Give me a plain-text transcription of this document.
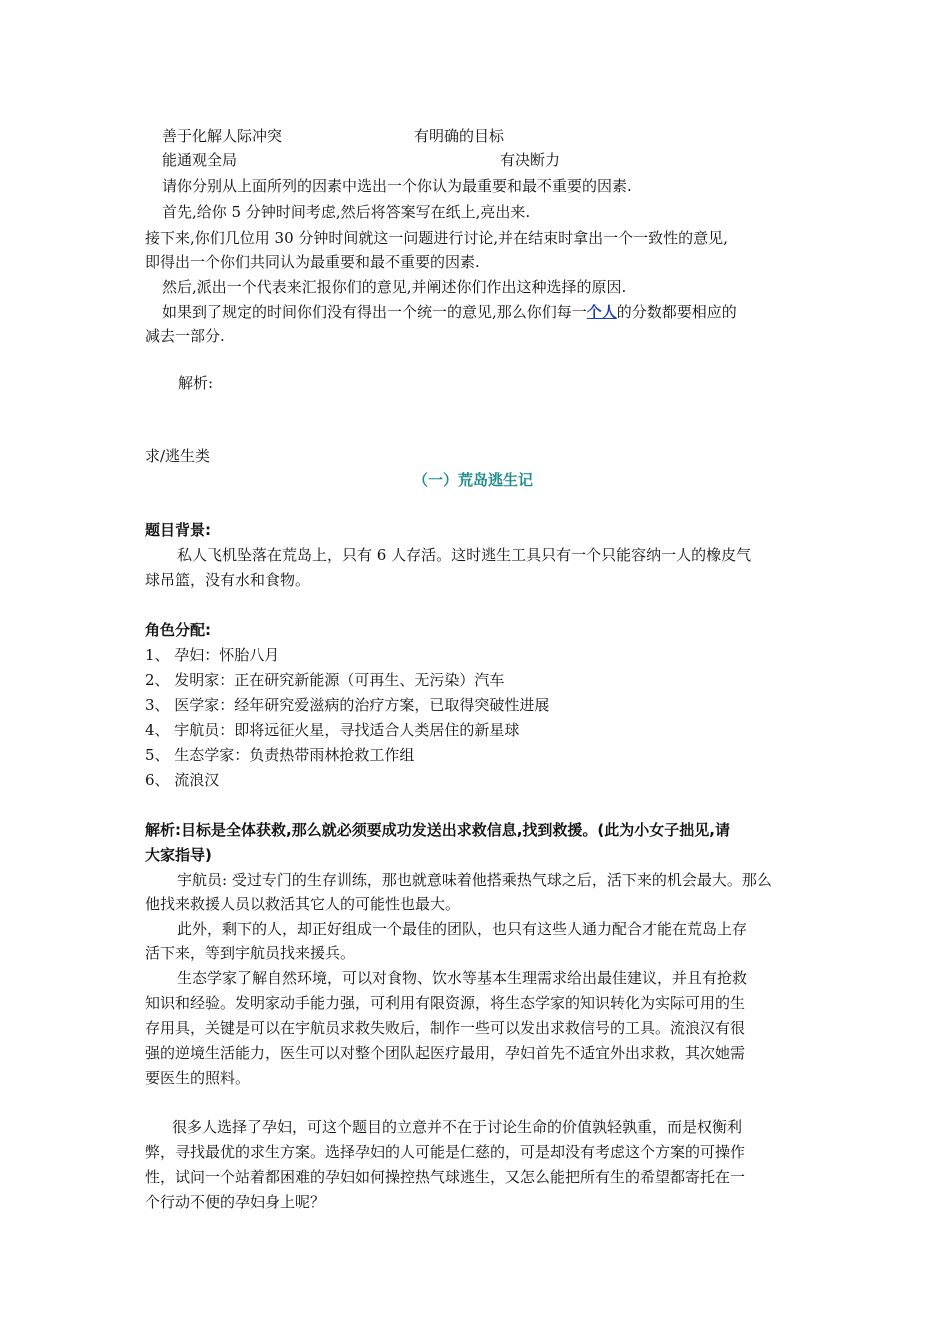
善于化解人际冲突	有明确的目标
能通观全局	有决断力
请你分别从上面所列的因素中选出一个你认为最重要和最不重要的因素.
首先,给你 5 分钟时间考虑,然后将答案写在纸上,亮出来.
接下来,你们几位用 30 分钟时间就这一问题进行讨论,并在结束时拿出一个一致性的意见,
即得出一个你们共同认为最重要和最不重要的因素.
然后,派出一个代表来汇报你们的意见,并阐述你们作出这种选择的原因.
如果到了规定的时间你们没有得出一个统一的意见,那么你们每一个人的分数都要相应的
减去一部分.
解析:
求/逃生类
（一）荒岛逃生记
题目背景:
私人飞机坠落在荒岛上，只有 6 人存活。这时逃生工具只有一个只能容纳一人的橡皮气
球吊篮，没有水和食物。
角色分配:
1、 孕妇：怀胎八月
2、 发明家：正在研究新能源（可再生、无污染）汽车
3、 医学家：经年研究爱滋病的治疗方案，已取得突破性进展
4、 宇航员：即将远征火星，寻找适合人类居住的新星球
5、 生态学家：负责热带雨林抢救工作组
6、 流浪汉
解析:目标是全体获救,那么就必须要成功发送出求救信息,找到救援。(此为小女子拙见,请
大家指导)
宇航员: 受过专门的生存训练，那也就意味着他搭乘热气球之后，活下来的机会最大。那么
他找来救援人员以救活其它人的可能性也最大。
此外，剩下的人，却正好组成一个最佳的团队，也只有这些人通力配合才能在荒岛上存
活下来，等到宇航员找来援兵。
生态学家了解自然环境，可以对食物、饮水等基本生理需求给出最佳建议，并且有抢救
知识和经验。发明家动手能力强，可利用有限资源，将生态学家的知识转化为实际可用的生
存用具，关键是可以在宇航员求救失败后，制作一些可以发出求救信号的工具。流浪汉有很
强的逆境生活能力，医生可以对整个团队起医疗最用，孕妇首先不适宜外出求救，其次她需
要医生的照料。
很多人选择了孕妇，可这个题目的立意并不在于讨论生命的价值孰轻孰重，而是权衡利
弊，寻找最优的求生方案。选择孕妇的人可能是仁慈的，可是却没有考虑这个方案的可操作
性，试问一个站着都困难的孕妇如何操控热气球逃生，又怎么能把所有生的希望都寄托在一
个行动不便的孕妇身上呢？
